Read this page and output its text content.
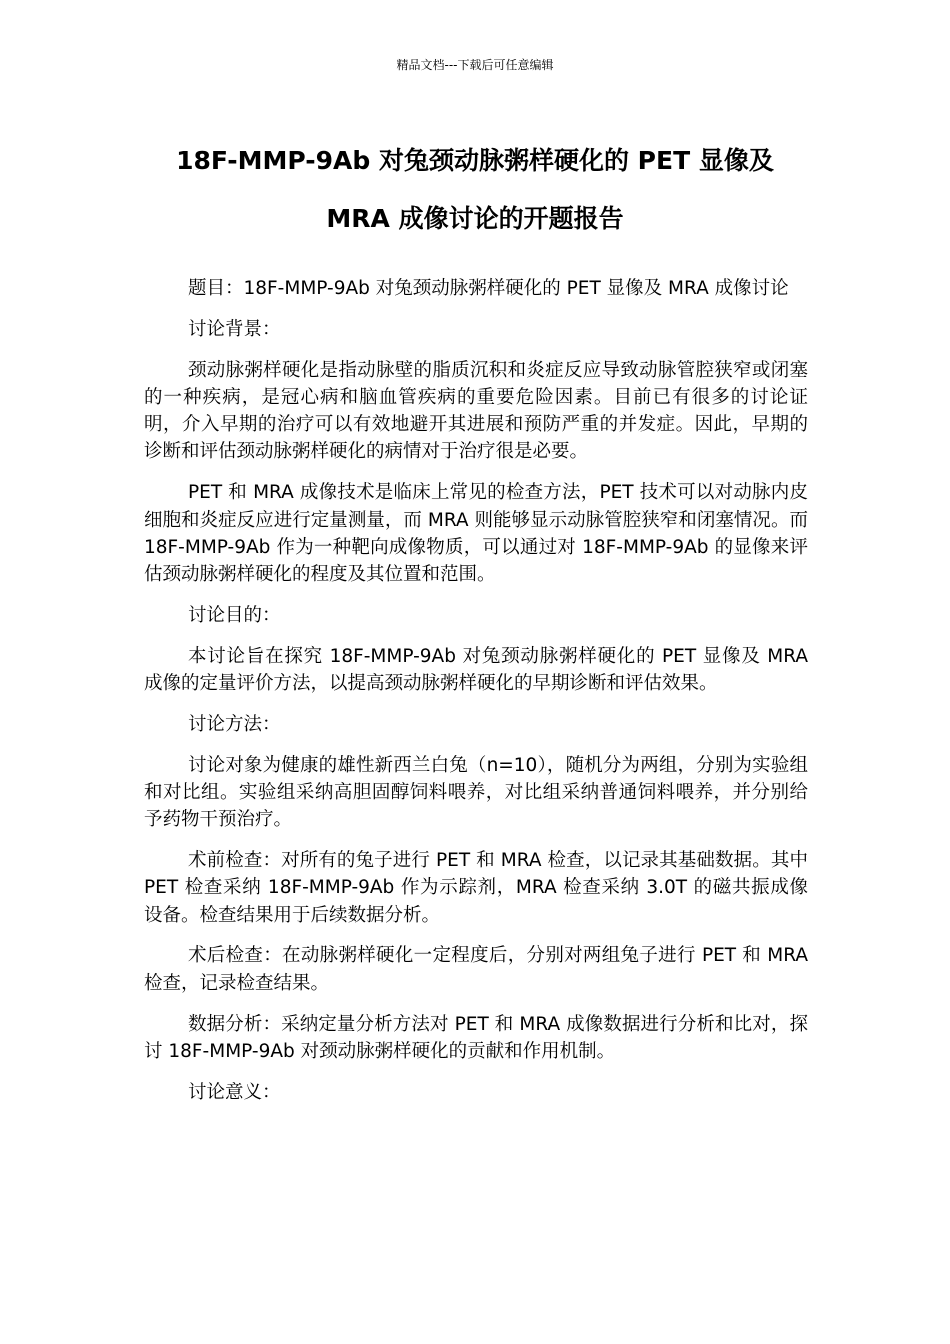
精品文档---下载后可任意编辑
18F-MMP-9Ab 对兔颈动脉粥样硬化的 PET 显像及
MRA 成像讨论的开题报告

题目：18F-MMP-9Ab 对兔颈动脉粥样硬化的 PET 显像及 MRA 成像讨论

讨论背景：

颈动脉粥样硬化是指动脉壁的脂质沉积和炎症反应导致动脉管腔狭窄或闭塞的一种疾病，是冠心病和脑血管疾病的重要危险因素。目前已有很多的讨论证明，介入早期的治疗可以有效地避开其进展和预防严重的并发症。因此，早期的诊断和评估颈动脉粥样硬化的病情对于治疗很是必要。

PET 和 MRA 成像技术是临床上常见的检查方法，PET 技术可以对动脉内皮细胞和炎症反应进行定量测量，而 MRA 则能够显示动脉管腔狭窄和闭塞情况。而 18F-MMP-9Ab 作为一种靶向成像物质，可以通过对 18F-MMP-9Ab 的显像来评估颈动脉粥样硬化的程度及其位置和范围。

讨论目的：

本讨论旨在探究 18F-MMP-9Ab 对兔颈动脉粥样硬化的 PET 显像及 MRA 成像的定量评价方法，以提高颈动脉粥样硬化的早期诊断和评估效果。

讨论方法：

讨论对象为健康的雄性新西兰白兔（n=10），随机分为两组，分别为实验组和对比组。实验组采纳高胆固醇饲料喂养，对比组采纳普通饲料喂养，并分别给予药物干预治疗。

术前检查：对所有的兔子进行 PET 和 MRA 检查，以记录其基础数据。其中 PET 检查采纳 18F-MMP-9Ab 作为示踪剂，MRA 检查采纳 3.0T 的磁共振成像设备。检查结果用于后续数据分析。

术后检查：在动脉粥样硬化一定程度后，分别对两组兔子进行 PET 和 MRA 检查，记录检查结果。

数据分析：采纳定量分析方法对 PET 和 MRA 成像数据进行分析和比对，探讨 18F-MMP-9Ab 对颈动脉粥样硬化的贡献和作用机制。

讨论意义：
